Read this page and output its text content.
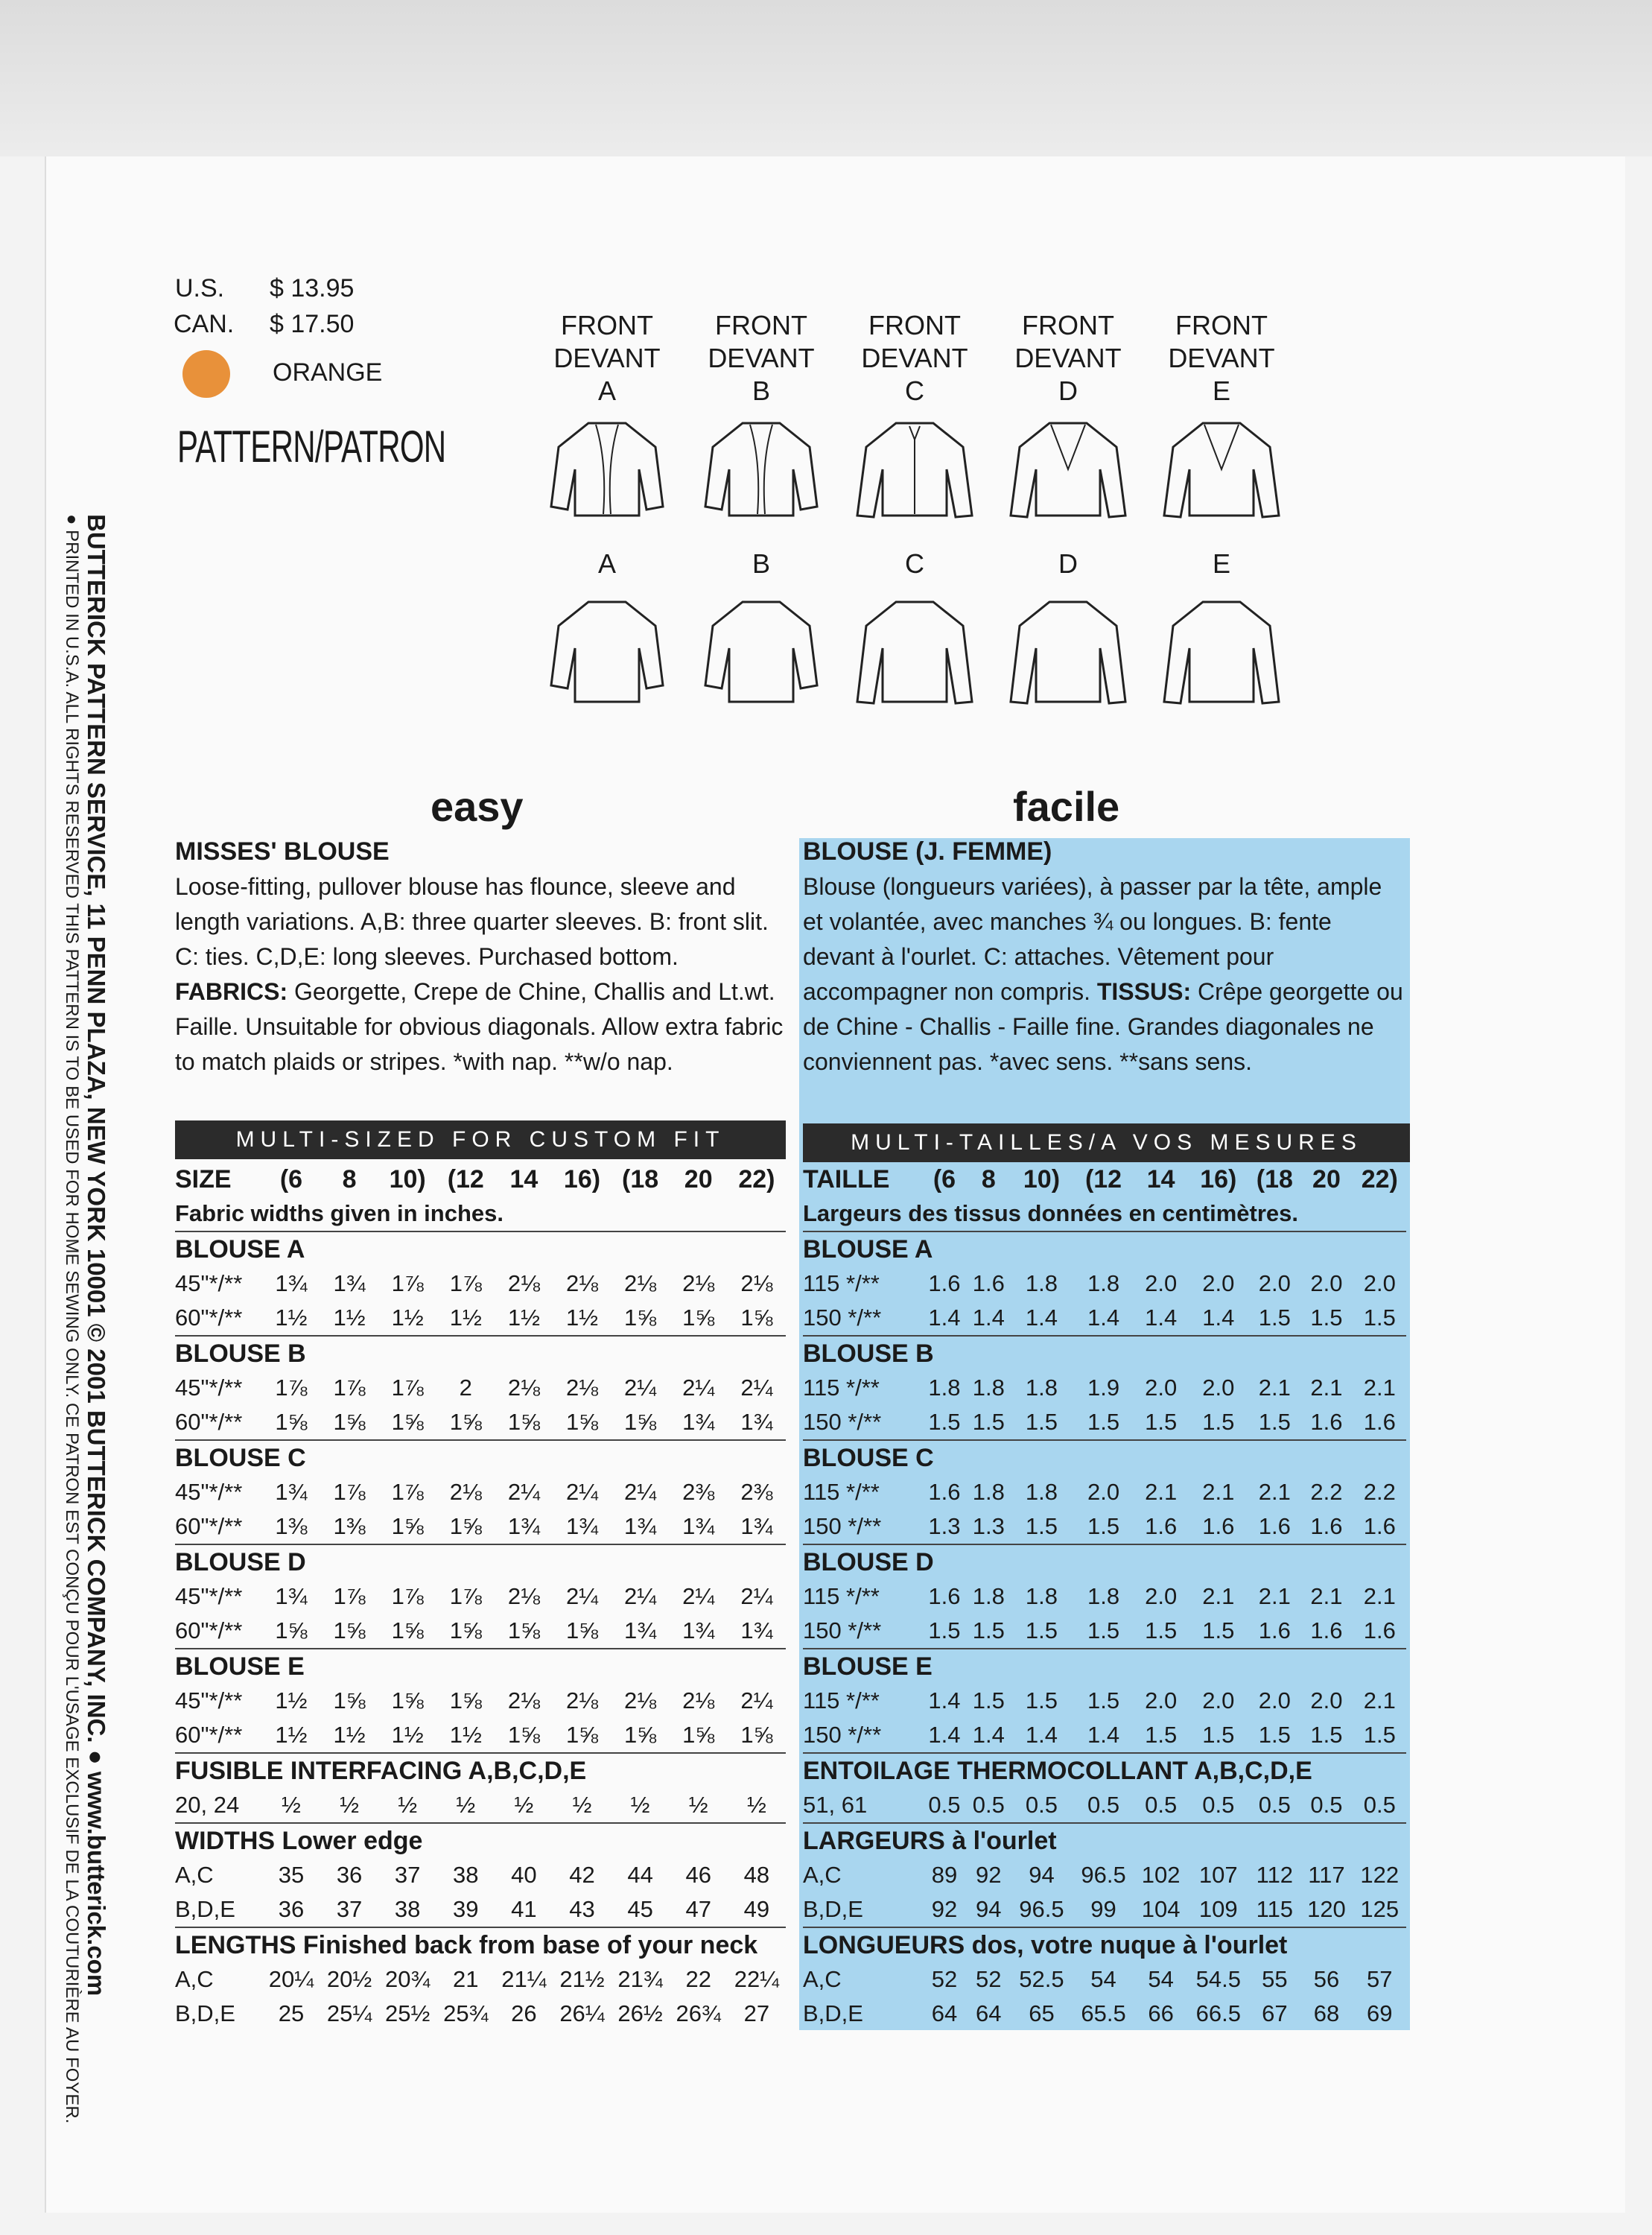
U.S. $ 13.95
CAN. $ 17.50
ORANGE
PATTERN/PATRON
FRONT
DEVANT
A
FRONT
DEVANT
B
FRONT
DEVANT
C
FRONT
DEVANT
D
FRONT
DEVANT
E
A	B	C	D	E
BUTTERICK PATTERN SERVICE, 11 PENN PLAZA, NEW YORK 10001 © 2001 BUTTERICK COMPANY, INC. ● www.butterick.com
● PRINTED IN U.S.A. ALL RIGHTS RESERVED THIS PATTERN IS TO BE USED FOR HOME SEWING ONLY. CE PATRON EST CONÇU POUR L'USAGE EXCLUSIF DE LA COUTURIÈRE AU FOYER.	easy	facile
MISSES' BLOUSE
Loose-fitting, pullover blouse has flounce, sleeve and length variations. A,B: three quarter sleeves. B: front slit. C: ties. C,D,E: long sleeves. Purchased bottom. FABRICS: Georgette, Crepe de Chine, Challis and Lt.wt. Faille. Unsuitable for obvious diagonals. Allow extra fabric to match plaids or stripes. *with nap. **w/o nap.
BLOUSE (J. FEMME)
Blouse (longueurs variées), à passer par la tête, ample et volantée, avec manches ¾ ou longues. B: fente devant à l'ourlet. C: attaches. Vêtement pour accompagner non compris. TISSUS: Crêpe georgette ou de Chine - Challis - Faille fine. Grandes diagonales ne conviennent pas. *avec sens. **sans sens.
MULTI-SIZED FOR CUSTOM FIT	MULTI-TAILLES/A VOS MESURES
SIZE	(6	8	10)	(12	14	16)	(18	20	22)
Fabric widths given in inches.									
BLOUSE A									
45"*/**	1¾	1¾	1⅞	1⅞	2⅛	2⅛	2⅛	2⅛	2⅛
60"*/**	1½	1½	1½	1½	1½	1½	1⅝	1⅝	1⅝
BLOUSE B									
45"*/**	1⅞	1⅞	1⅞	2	2⅛	2⅛	2¼	2¼	2¼
60"*/**	1⅝	1⅝	1⅝	1⅝	1⅝	1⅝	1⅝	1¾	1¾
BLOUSE C									
45"*/**	1¾	1⅞	1⅞	2⅛	2¼	2¼	2¼	2⅜	2⅜
60"*/**	1⅜	1⅜	1⅝	1⅝	1¾	1¾	1¾	1¾	1¾
BLOUSE D									
45"*/**	1¾	1⅞	1⅞	1⅞	2⅛	2¼	2¼	2¼	2¼
60"*/**	1⅝	1⅝	1⅝	1⅝	1⅝	1⅝	1¾	1¾	1¾
BLOUSE E									
45"*/**	1½	1⅝	1⅝	1⅝	2⅛	2⅛	2⅛	2⅛	2¼
60"*/**	1½	1½	1½	1½	1⅝	1⅝	1⅝	1⅝	1⅝
FUSIBLE INTERFACING A,B,C,D,E									
20, 24	½	½	½	½	½	½	½	½	½
WIDTHS Lower edge									
A,C	35	36	37	38	40	42	44	46	48
B,D,E	36	37	38	39	41	43	45	47	49
LENGTHS Finished back from base of your neck									
A,C	20¼	20½	20¾	21	21¼	21½	21¾	22	22¼
B,D,E	25	25¼	25½	25¾	26	26¼	26½	26¾	27
TAILLE	(6	8	10)	(12	14	16)	(18	20	22)
Largeurs des tissus données en centimètres.									
BLOUSE A									
115 */**	1.6	1.6	1.8	1.8	2.0	2.0	2.0	2.0	2.0
150 */**	1.4	1.4	1.4	1.4	1.4	1.4	1.5	1.5	1.5
BLOUSE B									
115 */**	1.8	1.8	1.8	1.9	2.0	2.0	2.1	2.1	2.1
150 */**	1.5	1.5	1.5	1.5	1.5	1.5	1.5	1.6	1.6
BLOUSE C									
115 */**	1.6	1.8	1.8	2.0	2.1	2.1	2.1	2.2	2.2
150 */**	1.3	1.3	1.5	1.5	1.6	1.6	1.6	1.6	1.6
BLOUSE D									
115 */**	1.6	1.8	1.8	1.8	2.0	2.1	2.1	2.1	2.1
150 */**	1.5	1.5	1.5	1.5	1.5	1.5	1.6	1.6	1.6
BLOUSE E									
115 */**	1.4	1.5	1.5	1.5	2.0	2.0	2.0	2.0	2.1
150 */**	1.4	1.4	1.4	1.4	1.5	1.5	1.5	1.5	1.5
ENTOILAGE THERMOCOLLANT A,B,C,D,E									
51, 61	0.5	0.5	0.5	0.5	0.5	0.5	0.5	0.5	0.5
LARGEURS à l'ourlet									
A,C	89	92	94	96.5	102	107	112	117	122
B,D,E	92	94	96.5	99	104	109	115	120	125
LONGUEURS dos, votre nuque à l'ourlet									
A,C	52	52	52.5	54	54	54.5	55	56	57
B,D,E	64	64	65	65.5	66	66.5	67	68	69
